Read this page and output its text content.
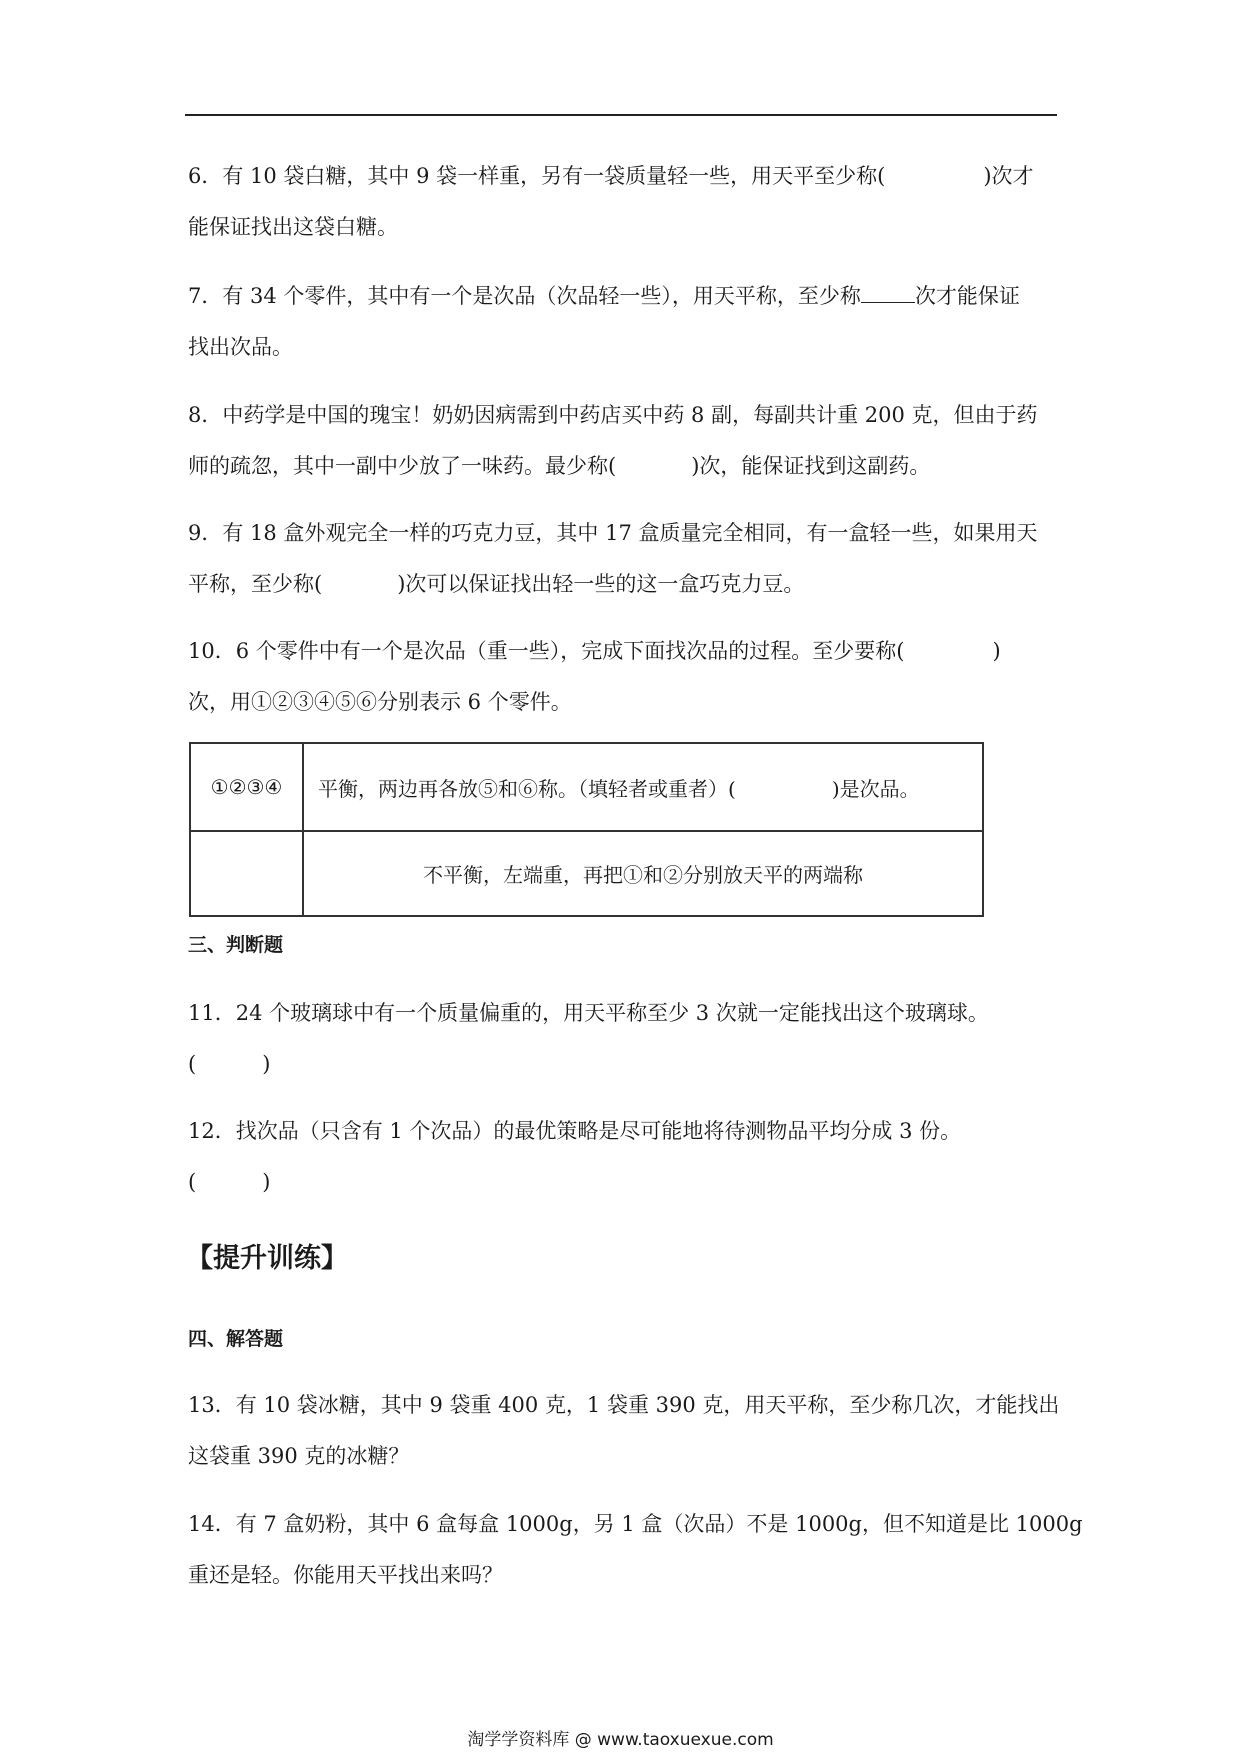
6．有 10 袋白糖，其中 9 袋一样重，另有一袋质量轻一些，用天平至少称(	)次才

能保证找出这袋白糖。

7．有 34 个零件，其中有一个是次品（次品轻一些），用天平称，至少称	次才能保证

找出次品。

8．中药学是中国的瑰宝！奶奶因病需到中药店买中药 8 副，每副共计重 200 克，但由于药

师的疏忽，其中一副中少放了一味药。最少称(	)次，能保证找到这副药。

9．有 18 盒外观完全一样的巧克力豆，其中 17 盒质量完全相同，有一盒轻一些，如果用天

平称，至少称(	)次可以保证找出轻一些的这一盒巧克力豆。

10．6 个零件中有一个是次品（重一些），完成下面找次品的过程。至少要称(	)

次，用①②③④⑤⑥分别表示 6 个零件。

①②③④	平衡，两边再各放⑤和⑥称。（填轻者或重者）( )是次品。
	不平衡，左端重，再把①和②分别放天平的两端称

三、判断题

11．24 个玻璃球中有一个质量偏重的，用天平称至少 3 次就一定能找出这个玻璃球。

(	)

12．找次品（只含有 1 个次品）的最优策略是尽可能地将待测物品平均分成 3 份。

(	)

【提升训练】

四、解答题

13．有 10 袋冰糖，其中 9 袋重 400 克，1 袋重 390 克，用天平称，至少称几次，才能找出

这袋重 390 克的冰糖？

14．有 7 盒奶粉，其中 6 盒每盒 1000g，另 1 盒（次品）不是 1000g，但不知道是比 1000g

重还是轻。你能用天平找出来吗？

淘学学资料库 @ www.taoxuexue.com
